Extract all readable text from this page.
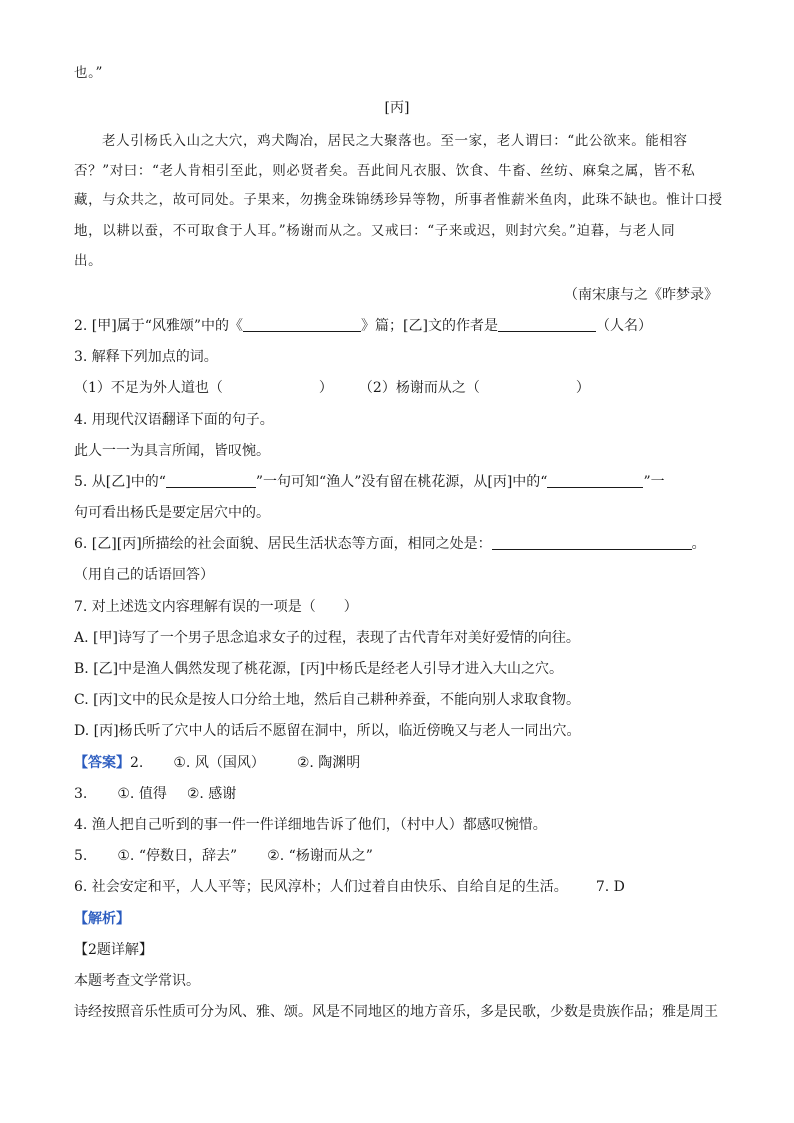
也。”
[丙]
老人引杨氏入山之大穴，鸡犬陶冶，居民之大聚落也。至一家，老人谓曰：“此公欲来。能相容
否？”对曰：“老人肯相引至此，则必贤者矣。吾此间凡衣服、饮食、牛畜、丝纺、麻枲之属，皆不私
藏，与众共之，故可同处。子果来，勿携金珠锦绣珍异等物，所事者惟薪米鱼肉，此珠不缺也。惟计口授
地，以耕以蚕，不可取食于人耳。”杨谢而从之。又戒曰：“子来或迟，则封穴矣。”迫暮，与老人同
出。
（南宋康与之《昨梦录》
2. [甲]属于“风雅颂”中的《	》篇；[乙]文的作者是	（人名）
3. 解释下列加点的词。
（1）不足为外人道也（	） （2）杨谢而从之（	）
4. 用现代汉语翻译下面的句子。
此人一一为具言所闻，皆叹惋。
5. 从[乙]中的“	”一句可知“渔人”没有留在桃花源，从[丙]中的“	”一
句可看出杨氏是要定居穴中的。
6. [乙][丙]所描绘的社会面貌、居民生活状态等方面，相同之处是：	。
（用自己的话语回答）
7. 对上述选文内容理解有误的一项是（　　）
A. [甲]诗写了一个男子思念追求女子的过程，表现了古代青年对美好爱情的向往。
B. [乙]中是渔人偶然发现了桃花源，[丙]中杨氏是经老人引导才进入大山之穴。
C. [丙]文中的民众是按人口分给土地，然后自己耕种养蚕，不能向别人求取食物。
D. [丙]杨氏听了穴中人的话后不愿留在洞中，所以，临近傍晚又与老人一同出穴。
【答案】2. ①. 风（国风） ②. 陶渊明
3. ①. 值得 ②. 感谢
4. 渔人把自己听到的事一件一件详细地告诉了他们，（村中人）都感叹惋惜。
5. ①. “停数日，辞去” ②. “杨谢而从之”
6. 社会安定和平，人人平等；民风淳朴；人们过着自由快乐、自给自足的生活。 7. D
【解析】
【2题详解】
本题考查文学常识。
诗经按照音乐性质可分为风、雅、颂。风是不同地区的地方音乐，多是民歌，少数是贵族作品；雅是周王
